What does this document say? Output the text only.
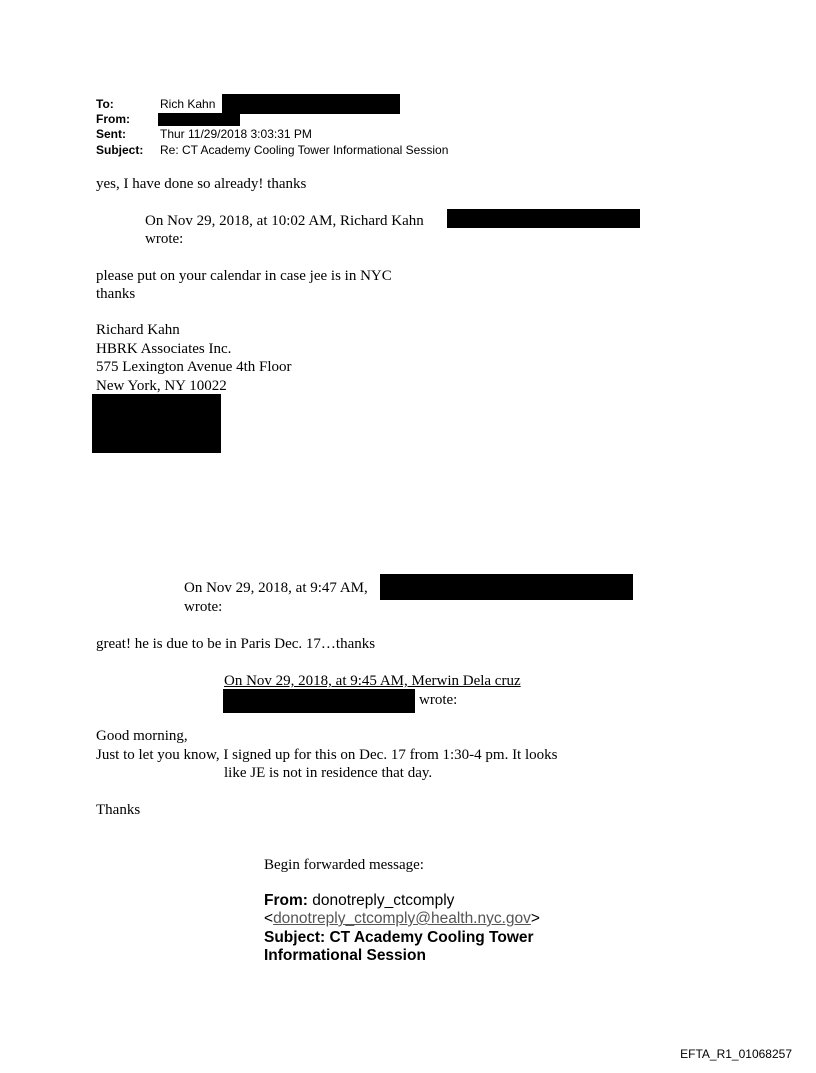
To:	Rich Kahn
From:
Sent:	Thur 11/29/2018 3:03:31 PM
Subject: Re: CT Academy Cooling Tower Informational Session
yes, I have done so already! thanks
On Nov 29, 2018, at 10:02 AM, Richard Kahn
wrote:
please put on your calendar in case jee is in NYC
thanks
Richard Kahn
HBRK Associates Inc.
575 Lexington Avenue 4th Floor
New York, NY 10022
On Nov 29, 2018, at 9:47 AM,
wrote:
great! he is due to be in Paris Dec. 17…thanks
On Nov 29, 2018, at 9:45 AM, Merwin Dela cruz
wrote:
Good morning,
Just to let you know, I signed up for this on Dec. 17 from 1:30-4 pm. It looks
like JE is not in residence that day.
Thanks
Begin forwarded message:
From: donotreply_ctcomply
<donotreply_ctcomply@health.nyc.gov>
Subject: CT Academy Cooling Tower
Informational Session
EFTA_R1_01068257
